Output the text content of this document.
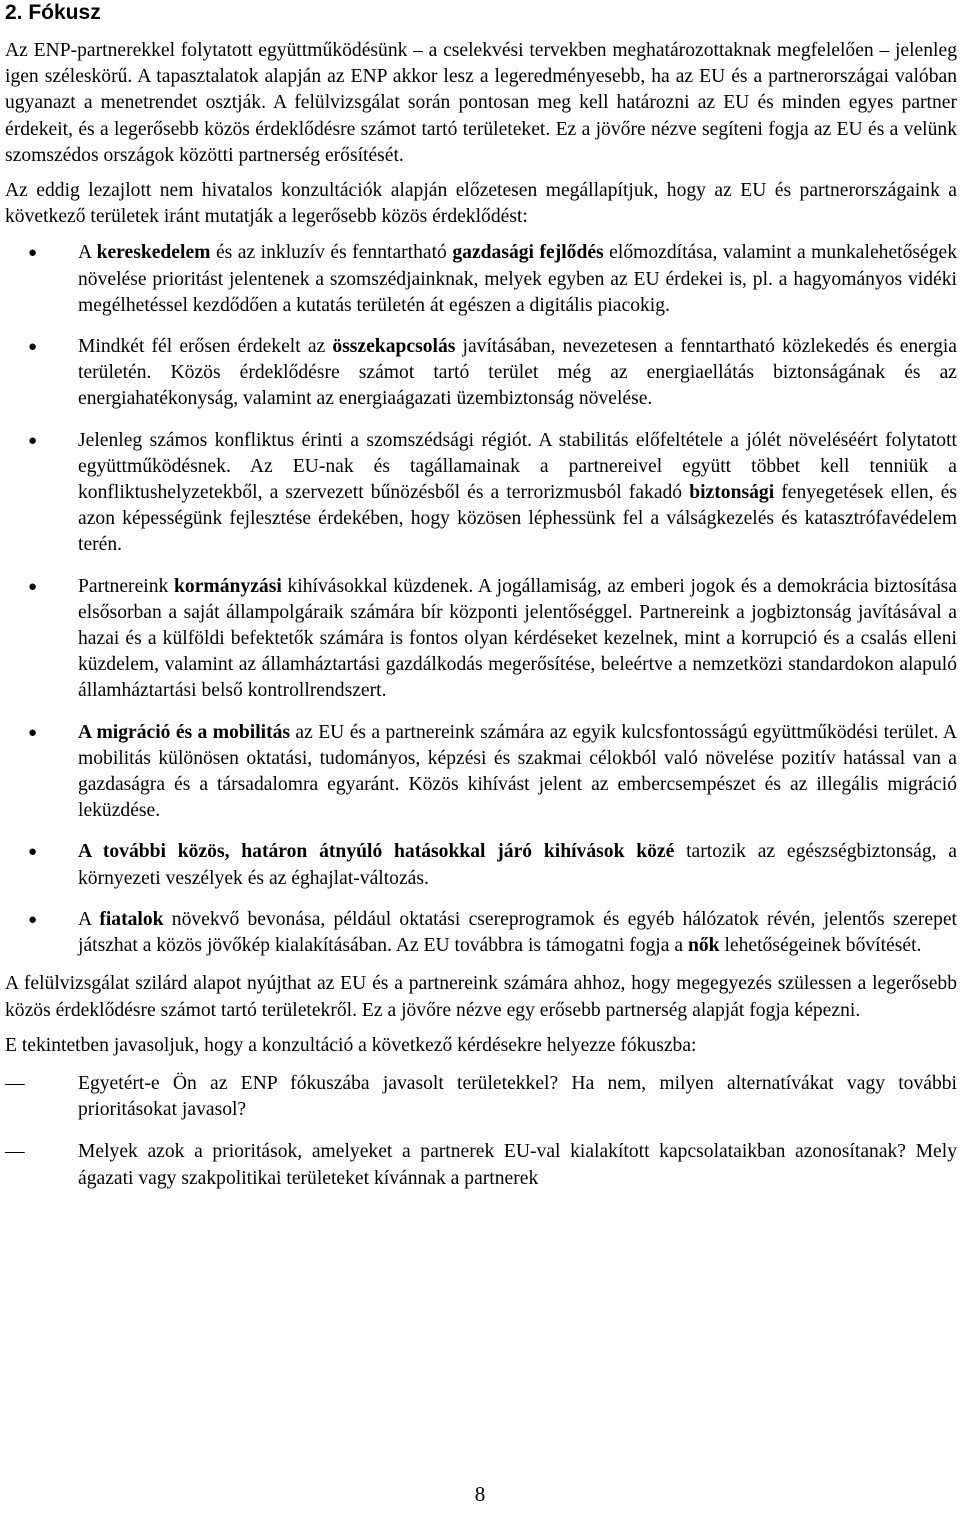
2. Fókusz

Az ENP-partnerekkel folytatott együttműködésünk – a cselekvési tervekben meghatározottaknak megfelelően – jelenleg igen széleskörű. A tapasztalatok alapján az ENP akkor lesz a legeredményesebb, ha az EU és a partnerországai valóban ugyanazt a menetrendet osztják. A felülvizsgálat során pontosan meg kell határozni az EU és minden egyes partner érdekeit, és a legerősebb közös érdeklődésre számot tartó területeket. Ez a jövőre nézve segíteni fogja az EU és a velünk szomszédos országok közötti partnerség erősítését.

Az eddig lezajlott nem hivatalos konzultációk alapján előzetesen megállapítjuk, hogy az EU és partnerországaink a következő területek iránt mutatják a legerősebb közös érdeklődést:

● A kereskedelem és az inkluzív és fenntartható gazdasági fejlődés előmozdítása, valamint a munkalehetőségek növelése prioritást jelentenek a szomszédjainknak, melyek egyben az EU érdekei is, pl. a hagyományos vidéki megélhetéssel kezdődően a kutatás területén át egészen a digitális piacokig.
● Mindkét fél erősen érdekelt az összekapcsolás javításában, nevezetesen a fenntartható közlekedés és energia területén. Közös érdeklődésre számot tartó terület még az energiaellátás biztonságának és az energiahatékonyság, valamint az energiaágazati üzembiztonság növelése.
● Jelenleg számos konfliktus érinti a szomszédsági régiót. A stabilitás előfeltétele a jólét növeléséért folytatott együttműködésnek. Az EU-nak és tagállamainak a partnereivel együtt többet kell tenniük a konfliktushelyzetekből, a szervezett bűnözésből és a terrorizmusból fakadó biztonsági fenyegetések ellen, és azon képességünk fejlesztése érdekében, hogy közösen léphessünk fel a válságkezelés és katasztrófavédelem terén.
● Partnereink kormányzási kihívásokkal küzdenek. A jogállamiság, az emberi jogok és a demokrácia biztosítása elsősorban a saját állampolgáraik számára bír központi jelentőséggel. Partnereink a jogbiztonság javításával a hazai és a külföldi befektetők számára is fontos olyan kérdéseket kezelnek, mint a korrupció és a csalás elleni küzdelem, valamint az államháztartási gazdálkodás megerősítése, beleértve a nemzetközi standardokon alapuló államháztartási belső kontrollrendszert.
● A migráció és a mobilitás az EU és a partnereink számára az egyik kulcsfontosságú együttműködési terület. A mobilitás különösen oktatási, tudományos, képzési és szakmai célokból való növelése pozitív hatással van a gazdaságra és a társadalomra egyaránt. Közös kihívást jelent az embercsempészet és az illegális migráció leküzdése.
● A további közös, határon átnyúló hatásokkal járó kihívások közé tartozik az egészségbiztonság, a környezeti veszélyek és az éghajlat-változás.
● A fiatalok növekvő bevonása, például oktatási csereprogramok és egyéb hálózatok révén, jelentős szerepet játszhat a közös jövőkép kialakításában. Az EU továbbra is támogatni fogja a nők lehetőségeinek bővítését.

A felülvizsgálat szilárd alapot nyújthat az EU és a partnereink számára ahhoz, hogy megegyezés szülessen a legerősebb közös érdeklődésre számot tartó területekről. Ez a jövőre nézve egy erősebb partnerség alapját fogja képezni.

E tekintetben javasoljuk, hogy a konzultáció a következő kérdésekre helyezze fókuszba:

—	Egyetért-e Ön az ENP fókuszába javasolt területekkel? Ha nem, milyen alternatívákat vagy további prioritásokat javasol?
—	Melyek azok a prioritások, amelyeket a partnerek EU-val kialakított kapcsolataikban azonosítanak? Mely ágazati vagy szakpolitikai területeket kívánnak a partnerek
8
